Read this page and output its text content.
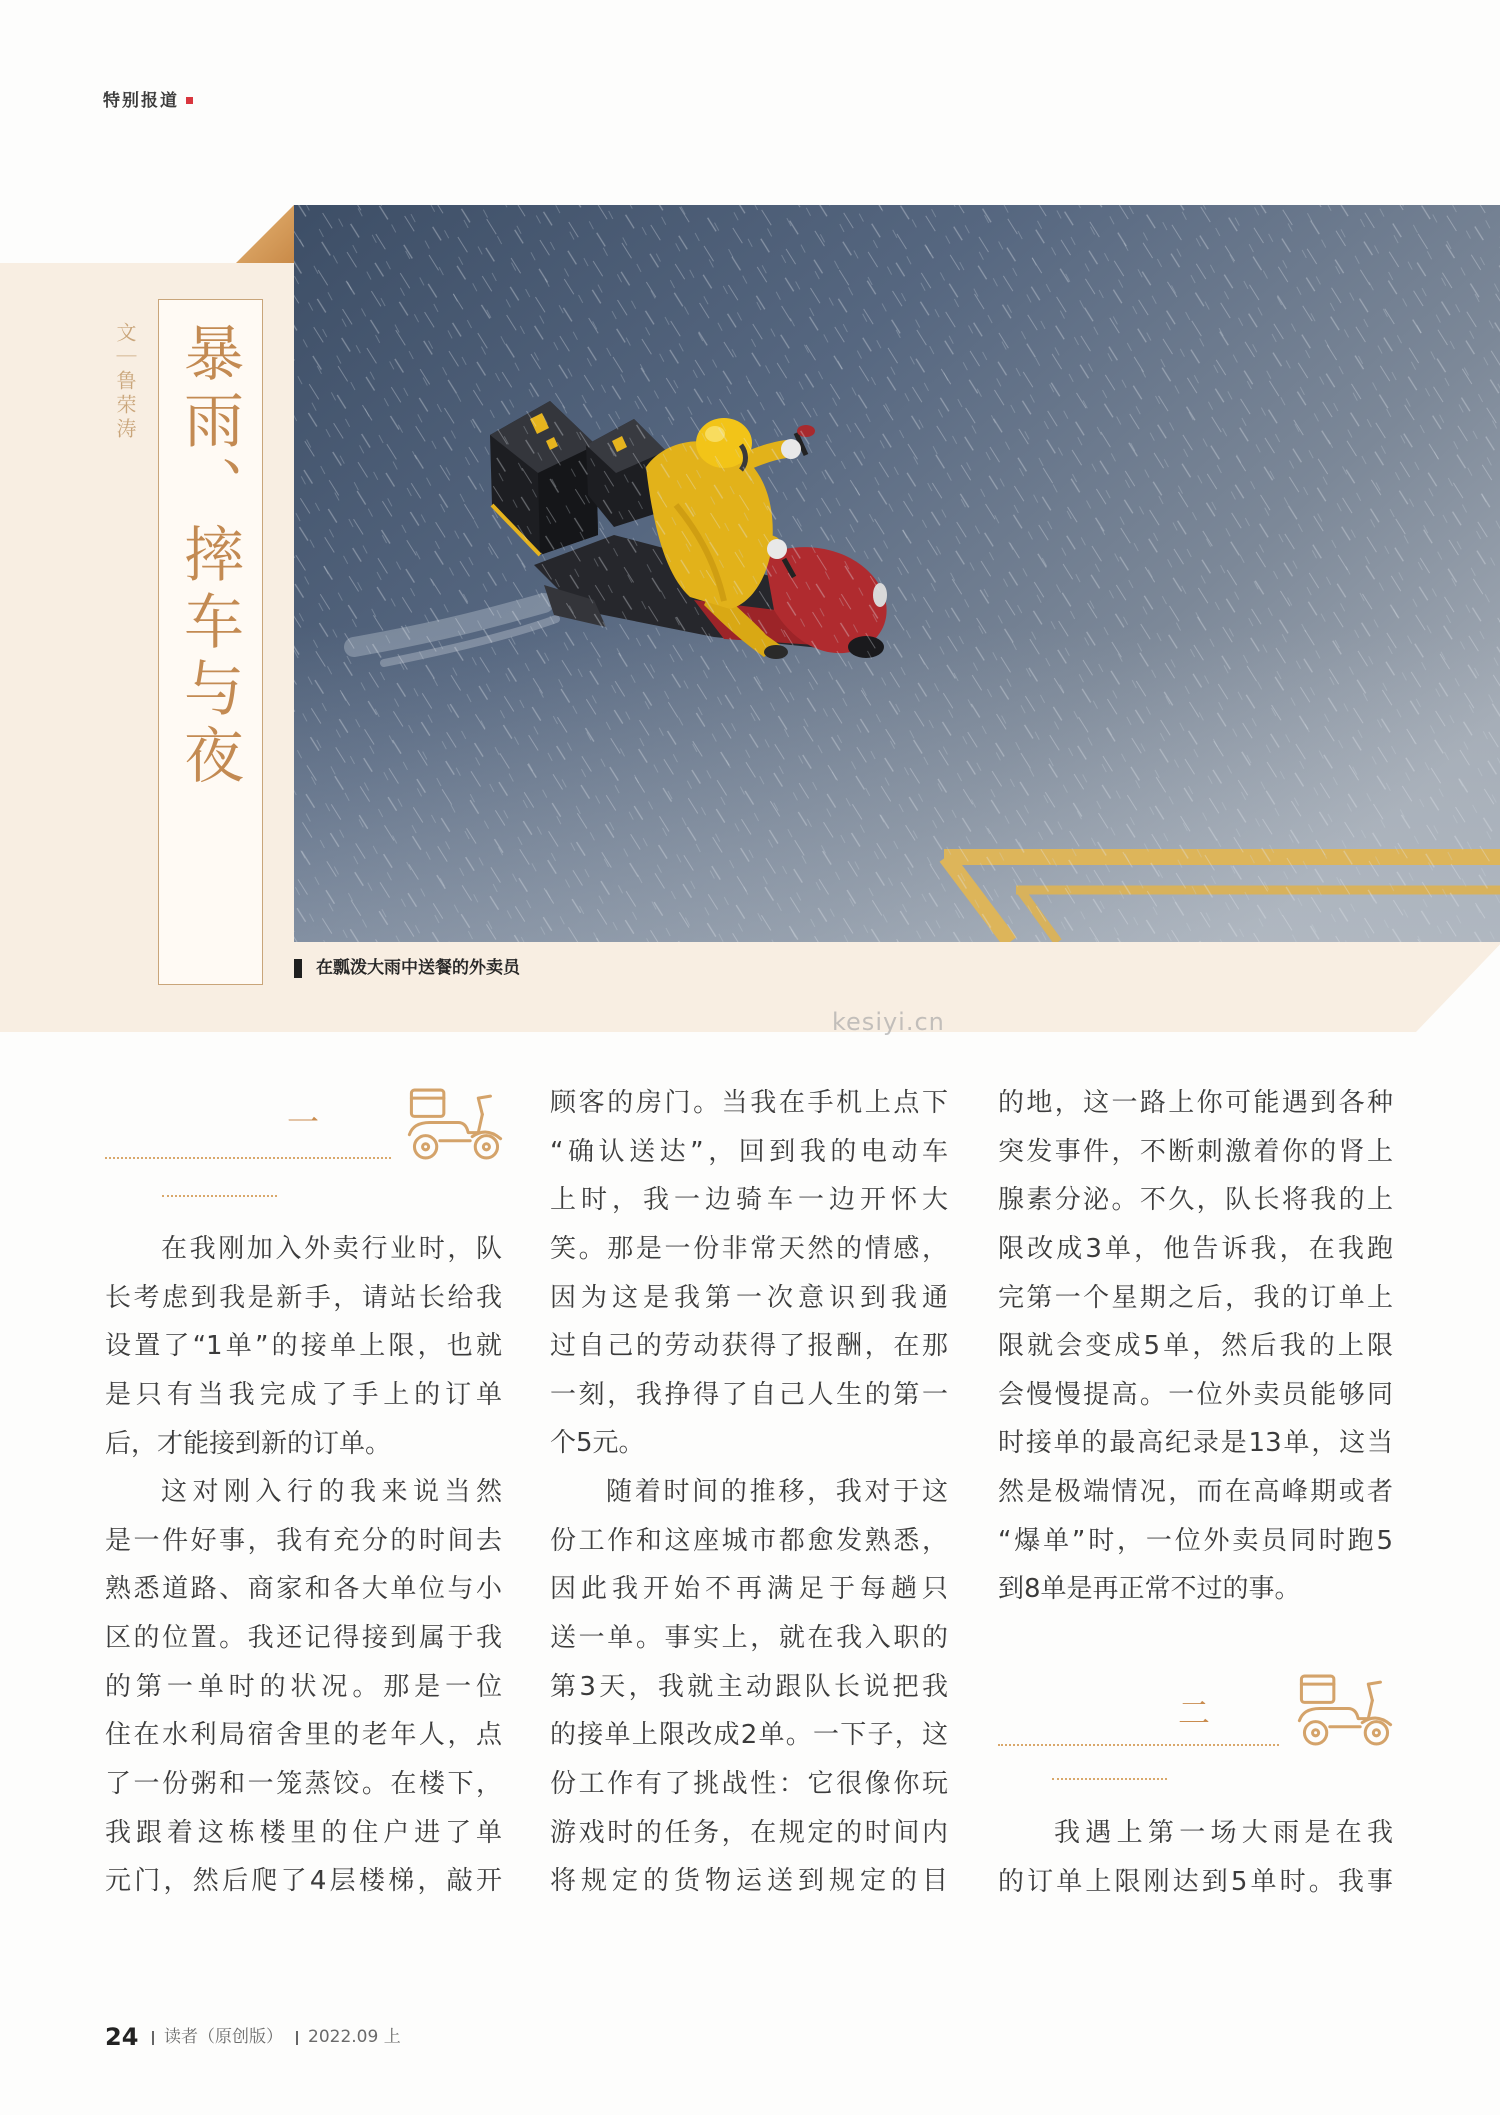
特别报道
在瓢泼大雨中送餐的外卖员
暴雨、摔车与夜
文｜鲁荣涛
kesiyi.cn
一
在我刚加入外卖行业时，队
长考虑到我是新手，请站长给我
设置了“1单”的接单上限，也就
是只有当我完成了手上的订单
后，才能接到新的订单。
这对刚入行的我来说当然
是一件好事，我有充分的时间去
熟悉道路、商家和各大单位与小
区的位置。我还记得接到属于我
的第一单时的状况。那是一位
住在水利局宿舍里的老年人，点
了一份粥和一笼蒸饺。在楼下，
我跟着这栋楼里的住户进了单
元门，然后爬了4层楼梯，敲开
顾客的房门。当我在手机上点下
“确认送达”，回到我的电动车
上时，我一边骑车一边开怀大
笑。那是一份非常天然的情感，
因为这是我第一次意识到我通
过自己的劳动获得了报酬，在那
一刻，我挣得了自己人生的第一
个5元。
随着时间的推移，我对于这
份工作和这座城市都愈发熟悉，
因此我开始不再满足于每趟只
送一单。事实上，就在我入职的
第3天，我就主动跟队长说把我
的接单上限改成2单。一下子，这
份工作有了挑战性：它很像你玩
游戏时的任务，在规定的时间内
将规定的货物运送到规定的目
的地，这一路上你可能遇到各种
突发事件，不断刺激着你的肾上
腺素分泌。不久，队长将我的上
限改成3单，他告诉我，在我跑
完第一个星期之后，我的订单上
限就会变成5单，然后我的上限
会慢慢提高。一位外卖员能够同
时接单的最高纪录是13单，这当
然是极端情况，而在高峰期或者
“爆单”时，一位外卖员同时跑5
到8单是再正常不过的事。
二
我遇上第一场大雨是在我
的订单上限刚达到5单时。我事
24 读者（原创版） 2022.09 上
